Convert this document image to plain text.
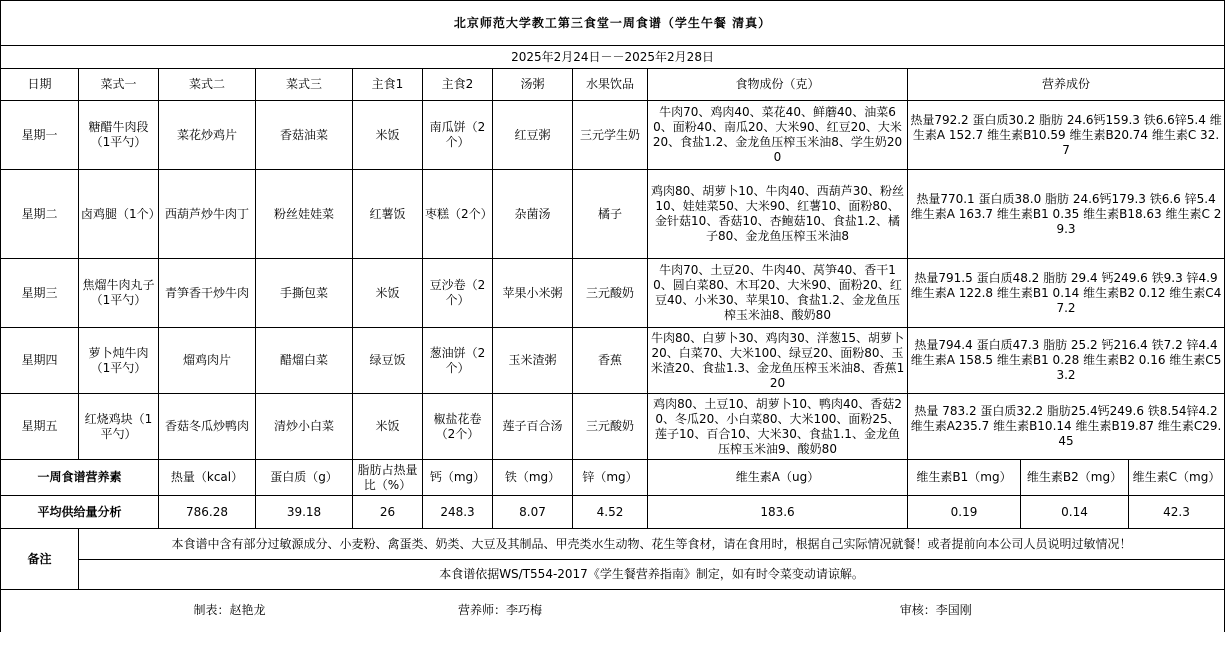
北京师范大学教工第三食堂一周食谱（学生午餐 清真）											
2025年2月24日－－2025年2月28日											
日期	菜式一	菜式二	菜式三	主食1	主食2	汤粥	水果饮品	食物成份（克）	营养成份		
星期一	糖醋牛肉段（1平勺）	菜花炒鸡片	香菇油菜	米饭	南瓜饼（2个）	红豆粥	三元学生奶	牛肉70、鸡肉40、菜花40、鲜蘑40、油菜60、面粉40、南瓜20、大米90、红豆20、大米20、食盐1.2、金龙鱼压榨玉米油8、学生奶200	热量792.2 蛋白质30.2 脂肪 24.6钙159.3 铁6.6锌5.4 维生素A 152.7 维生素B10.59 维生素B20.74 维生素C 32.7		
星期二	卤鸡腿（1个）	西葫芦炒牛肉丁	粉丝娃娃菜	红薯饭	枣糕（2个）	杂菌汤	橘子	鸡肉80、胡萝卜10、牛肉40、西葫芦30、粉丝10、娃娃菜50、大米90、红薯10、面粉80、金针菇10、香菇10、杏鲍菇10、食盐1.2、橘子80、金龙鱼压榨玉米油8	热量770.1 蛋白质38.0 脂肪 24.6钙179.3 铁6.6 锌5.4 维生素A 163.7 维生素B1 0.35 维生素B18.63 维生素C 29.3		
星期三	焦熘牛肉丸子（1平勺）	青笋香干炒牛肉	手撕包菜	米饭	豆沙卷（2个）	苹果小米粥	三元酸奶	牛肉70、土豆20、牛肉40、莴笋40、香干10、圆白菜80、木耳20、大米90、面粉20、红豆40、小米30、苹果10、食盐1.2、金龙鱼压榨玉米油8、酸奶80	热量791.5 蛋白质48.2 脂肪 29.4 钙249.6 铁9.3 锌4.9 维生素A 122.8 维生素B1 0.14 维生素B2 0.12 维生素C47.2		
星期四	萝卜炖牛肉（1平勺）	熘鸡肉片	醋熘白菜	绿豆饭	葱油饼（2个）	玉米渣粥	香蕉	牛肉80、白萝卜30、鸡肉30、洋葱15、胡萝卜20、白菜70、大米100、绿豆20、面粉80、玉米渣20、食盐1.3、金龙鱼压榨玉米油8、香蕉120	热量794.4 蛋白质47.3 脂肪 25.2 钙216.4 铁7.2 锌4.4 维生素A 158.5 维生素B1 0.28 维生素B2 0.16 维生素C53.2		
星期五	红烧鸡块（1平勺）	香菇冬瓜炒鸭肉	清炒小白菜	米饭	椒盐花卷（2个）	莲子百合汤	三元酸奶	鸡肉80、土豆10、胡萝卜10、鸭肉40、香菇20、冬瓜20、小白菜80、大米100、面粉25、莲子10、百合10、大米30、食盐1.1、金龙鱼压榨玉米油9、酸奶80	热量 783.2 蛋白质32.2 脂肪25.4钙249.6 铁8.54锌4.2 维生素A235.7 维生素B10.14 维生素B19.87 维生素C29.45		
一周食谱营养素		热量（kcal）	蛋白质（g）	脂肪占热量比（%）	钙（mg）	铁（mg）	锌（mg）	维生素A（ug）	维生素B1（mg）	维生素B2（mg）	维生素C（mg）
平均供给量分析		786.28	39.18	26	248.3	8.07	4.52	183.6	0.19	0.14	42.3
备注	本食谱中含有部分过敏源成分、小麦粉、禽蛋类、奶类、大豆及其制品、甲壳类水生动物、花生等食材，请在食用时，根据自己实际情况就餐！或者提前向本公司人员说明过敏情况！										
	本食谱依据WS/T554-2017《学生餐营养指南》制定，如有时令菜变动请谅解。										
	制表：赵艳龙			营养师：李巧梅				审核：李国刚			
